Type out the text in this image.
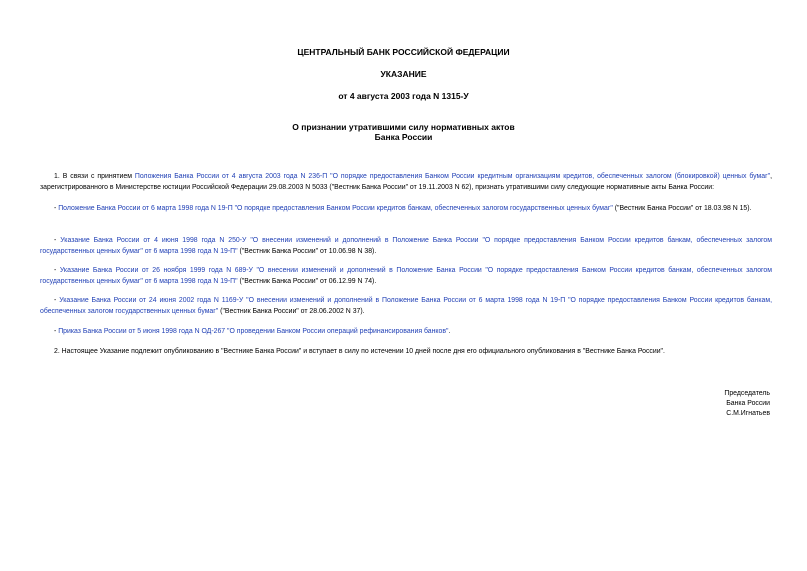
ЦЕНТРАЛЬНЫЙ БАНК РОССИЙСКОЙ ФЕДЕРАЦИИ
УКАЗАНИЕ
от 4 августа 2003 года N 1315-У
О признании утратившими силу нормативных актов
Банка России
1. В связи с принятием Положения Банка России от 4 августа 2003 года N 236-П "О порядке предоставления Банком России кредитным организациям кредитов, обеспеченных залогом (блокировкой) ценных бумаг", зарегистрированного в Министерстве юстиции Российской Федерации 29.08.2003 N 5033 ("Вестник Банка России" от 19.11.2003 N 62), признать утратившими силу следующие нормативные акты Банка России:
- Положение Банка России от 6 марта 1998 года N 19-П "О порядке предоставления Банком России кредитов банкам, обеспеченных залогом государственных ценных бумаг" ("Вестник Банка России" от 18.03.98 N 15).
- Указание Банка России от 4 июня 1998 года N 250-У "О внесении изменений и дополнений в Положение Банка России "О порядке предоставления Банком России кредитов банкам, обеспеченных залогом государственных ценных бумаг" от 6 марта 1998 года N 19-П" ("Вестник Банка России" от 10.06.98 N 38).
- Указание Банка России от 26 ноября 1999 года N 689-У "О внесении изменений и дополнений в Положение Банка России "О порядке предоставления Банком России кредитов банкам, обеспеченных залогом государственных ценных бумаг" от 6 марта 1998 года N 19-П" ("Вестник Банка России" от 06.12.99 N 74).
- Указание Банка России от 24 июня 2002 года N 1169-У "О внесении изменений и дополнений в Положение Банка России от 6 марта 1998 года N 19-П "О порядке предоставления Банком России кредитов банкам, обеспеченных залогом государственных ценных бумаг" ("Вестник Банка России" от 28.06.2002 N 37).
- Приказ Банка России от 5 июня 1998 года N ОД-267 "О проведении Банком России операций рефинансирования банков".
2. Настоящее Указание подлежит опубликованию в "Вестнике Банка России" и вступает в силу по истечении 10 дней после дня его официального опубликования в "Вестнике Банка России".
Председатель
Банка России
С.М.Игнатьев
